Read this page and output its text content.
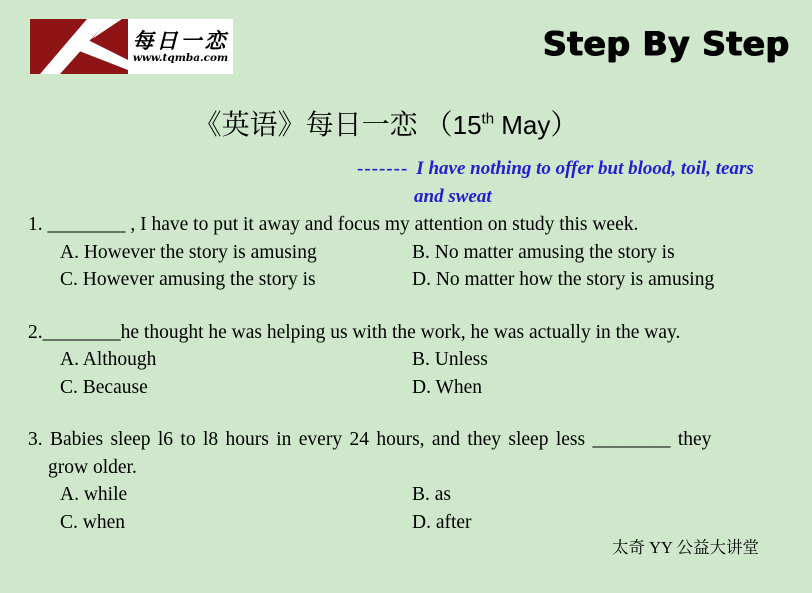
每日一恋
www.tqmba.com	Step By Step
《英语》每日一恋 （15th May）
------- I have nothing to offer but blood, toil, tears
and sweat
1. ________ , I have to put it away and focus my attention on study this week.
A. However the story is amusing	B. No matter amusing the story is
C. However amusing the story is	D. No matter how the story is amusing
2.________he thought he was helping us with the work, he was actually in the way.
A. Although	B. Unless
C. Because	D. When
3. Babies sleep l6 to l8 hours in every 24 hours, and they sleep less ________ they
grow older.
A. while	B. as
C. when	D. after
太奇 YY 公益大讲堂
